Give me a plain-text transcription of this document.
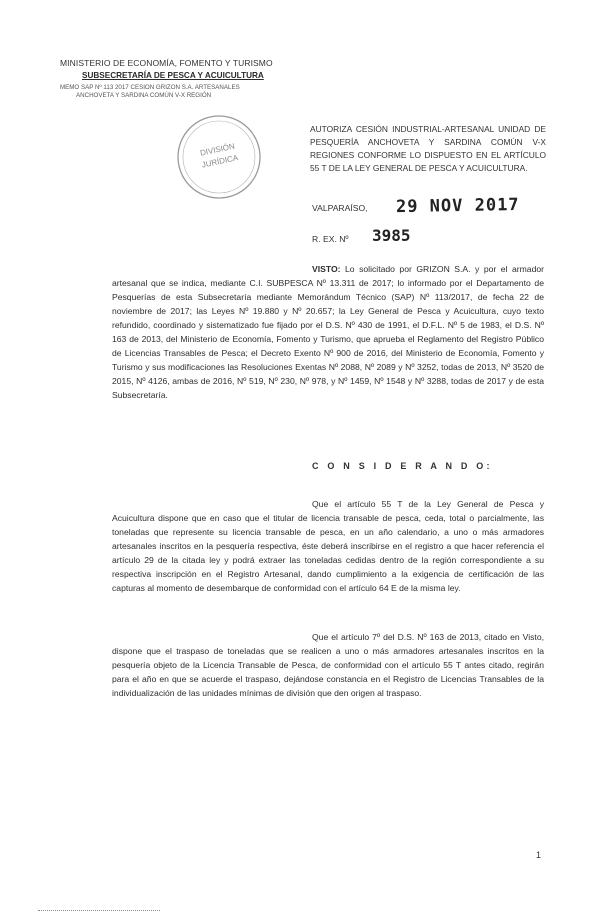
MINISTERIO DE ECONOMÍA, FOMENTO Y TURISMO
SUBSECRETARÍA DE PESCA Y ACUICULTURA
MEMO SAP Nº 113 2017 CESION GRIZON S.A. ARTESANALES
ANCHOVETA Y SARDINA COMÚN V-X REGIÓN
DIVISIÓN
JURÍDICA
AUTORIZA CESIÓN INDUSTRIAL-ARTESANAL UNIDAD DE PESQUERÍA ANCHOVETA Y SARDINA COMÚN V-X REGIONES CONFORME LO DISPUESTO EN EL ARTÍCULO 55 T DE LA LEY GENERAL DE PESCA Y ACUICULTURA.
VALPARAÍSO, 29 NOV 2017
R. EX. Nº 3985
VISTO: Lo solicitado por GRIZON S.A. y por el armador artesanal que se indica, mediante C.I. SUBPESCA Nº 13.311 de 2017; lo informado por el Departamento de Pesquerías de esta Subsecretaría mediante Memorándum Técnico (SAP) Nº 113/2017, de fecha 22 de noviembre de 2017; las Leyes Nº 19.880 y Nº 20.657; la Ley General de Pesca y Acuicultura, cuyo texto refundido, coordinado y sistematizado fue fijado por el D.S. Nº 430 de 1991, el D.F.L. Nº 5 de 1983, el D.S. Nº 163 de 2013, del Ministerio de Economía, Fomento y Turismo, que aprueba el Reglamento del Registro Público de Licencias Transables de Pesca; el Decreto Exento Nº 900 de 2016, del Ministerio de Economía, Fomento y Turismo y sus modificaciones las Resoluciones Exentas Nº 2088, Nº 2089 y Nº 3252, todas de 2013, Nº 3520 de 2015, Nº 4126, ambas de 2016, Nº 519, Nº 230, Nº 978, y Nº 1459, Nº 1548 y Nº 3288, todas de 2017 y de esta Subsecretaría.
C O N S I D E R A N D O:
Que el artículo 55 T de la Ley General de Pesca y Acuicultura dispone que en caso que el titular de licencia transable de pesca, ceda, total o parcialmente, las toneladas que represente su licencia transable de pesca, en un año calendario, a uno o más armadores artesanales inscritos en la pesquería respectiva, éste deberá inscribirse en el registro a que hacer referencia el artículo 29 de la citada ley y podrá extraer las toneladas cedidas dentro de la región correspondiente a su respectiva inscripción en el Registro Artesanal, dando cumplimiento a la exigencia de certificación de las capturas al momento de desembarque de conformidad con el artículo 64 E de la misma ley.
Que el artículo 7º del D.S. Nº 163 de 2013, citado en Visto, dispone que el traspaso de toneladas que se realicen a uno o más armadores artesanales inscritos en la pesquería objeto de la Licencia Transable de Pesca, de conformidad con el artículo 55 T antes citado, regirán para el año en que se acuerde el traspaso, dejándose constancia en el Registro de Licencias Transables de la individualización de las unidades mínimas de división que den origen al traspaso.
1
